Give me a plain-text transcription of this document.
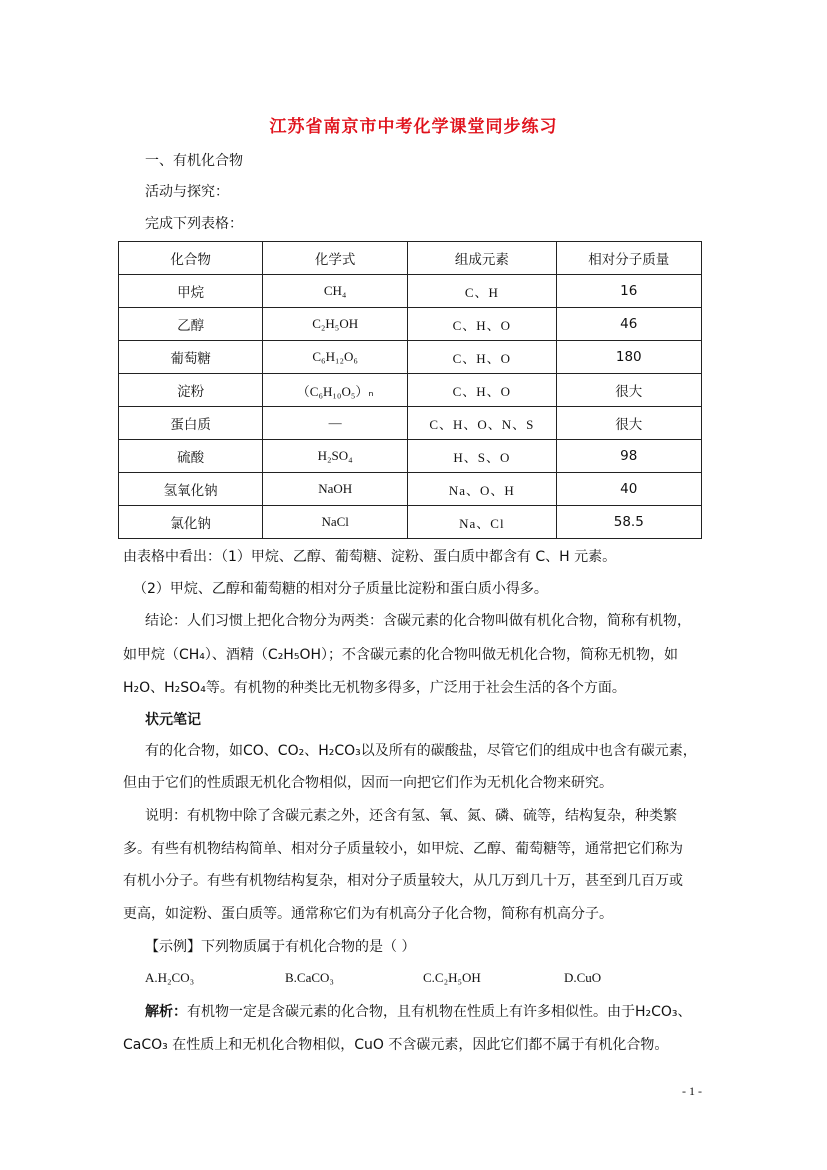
江苏省南京市中考化学课堂同步练习
一、有机化合物
活动与探究：
完成下列表格：
化合物	化学式	组成元素	相对分子质量
甲烷	CH₄	C、H	16
乙醇	C₂H₅OH	C、H、O	46
葡萄糖	C₆H₁₂O₆	C、H、O	180
淀粉	（C₆H₁₀O₅）ₙ	C、H、O	很大
蛋白质	—	C、H、O、N、S	很大
硫酸	H₂SO₄	H、S、O	98
氢氧化钠	NaOH	Na、O、H	40
氯化钠	NaCl	Na、Cl	58.5
由表格中看出：（1）甲烷、乙醇、葡萄糖、淀粉、蛋白质中都含有 C、H 元素。
（2）甲烷、乙醇和葡萄糖的相对分子质量比淀粉和蛋白质小得多。
结论：人们习惯上把化合物分为两类：含碳元素的化合物叫做有机化合物，简称有机物，
如甲烷（CH₄）、酒精（C₂H₅OH）；不含碳元素的化合物叫做无机化合物，简称无机物，如
H₂O、H₂SO₄等。有机物的种类比无机物多得多，广泛用于社会生活的各个方面。
状元笔记
有的化合物，如CO、CO₂、H₂CO₃以及所有的碳酸盐，尽管它们的组成中也含有碳元素，
但由于它们的性质跟无机化合物相似，因而一向把它们作为无机化合物来研究。
说明：有机物中除了含碳元素之外，还含有氢、氧、氮、磷、硫等，结构复杂，种类繁
多。有些有机物结构简单、相对分子质量较小，如甲烷、乙醇、葡萄糖等，通常把它们称为
有机小分子。有些有机物结构复杂，相对分子质量较大，从几万到几十万，甚至到几百万或
更高，如淀粉、蛋白质等。通常称它们为有机高分子化合物，简称有机高分子。
【示例】下列物质属于有机化合物的是（ ）
A.H₂CO₃	B.CaCO₃	C.C₂H₅OH	D.CuO
解析：有机物一定是含碳元素的化合物，且有机物在性质上有许多相似性。由于H₂CO₃、
CaCO₃ 在性质上和无机化合物相似，CuO 不含碳元素，因此它们都不属于有机化合物。
- 1 -
